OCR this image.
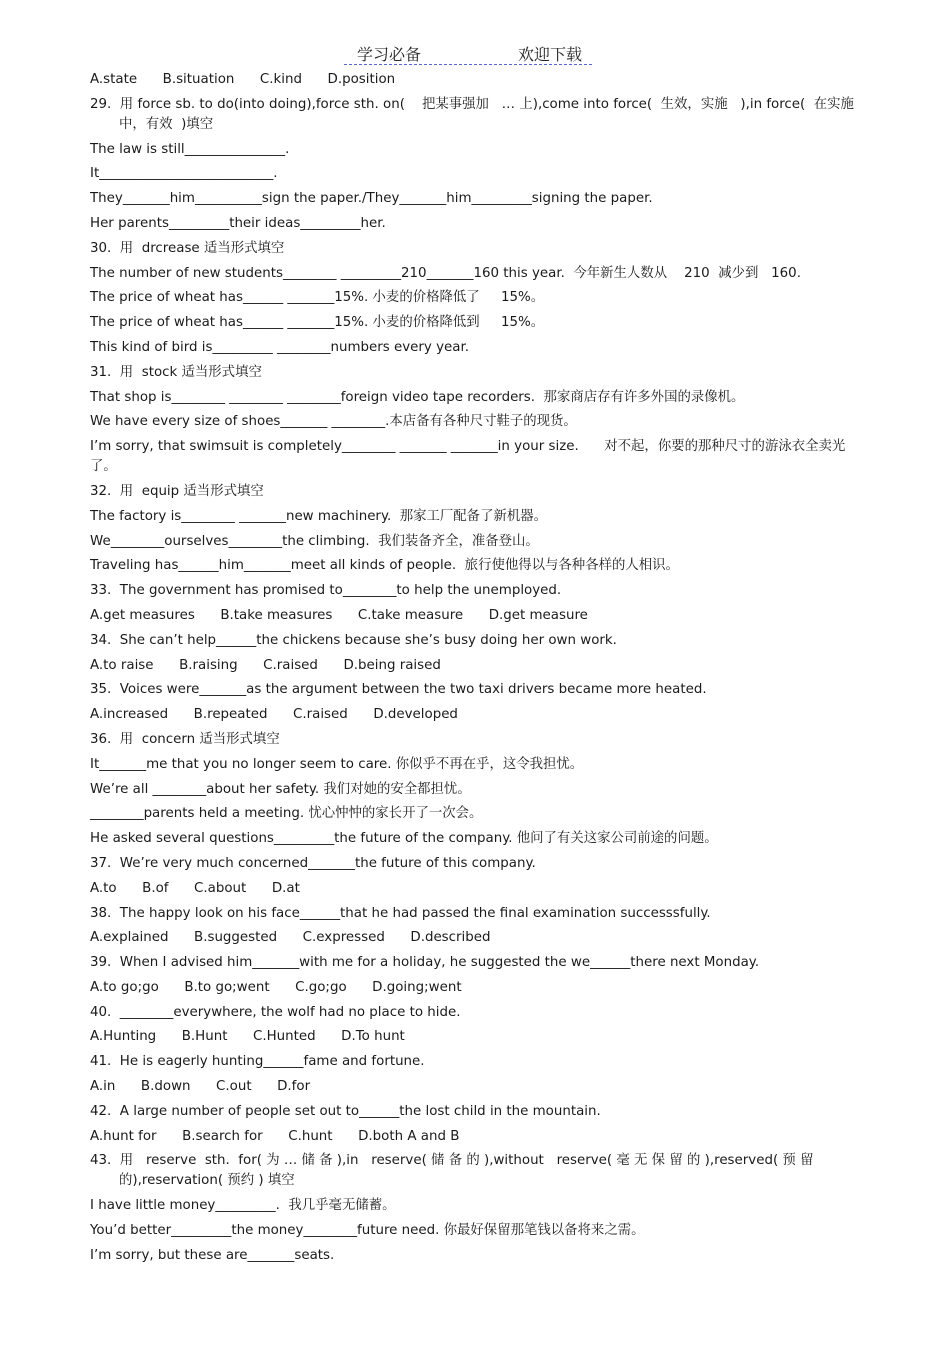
学习必备	欢迎下载
A.state      B.situation      C.kind      D.position
29.  用 force sb. to do(into doing),force sth. on(    把某事强加   … 上),come into force(  生效，实施   ),in force(  在实施中，有效  )填空
The law is still_______________.
It__________________________.
They_______him__________sign the paper./They_______him_________signing the paper.
Her parents_________their ideas_________her.
30.  用  drcrease 适当形式填空
The number of new students________ _________210_______160 this year.  今年新生人数从    210  减少到   160.
The price of wheat has______ _______15%. 小麦的价格降低了     15%。
The price of wheat has______ _______15%. 小麦的价格降低到     15%。
This kind of bird is_________ ________numbers every year.
31.  用  stock 适当形式填空
That shop is________ ________ ________foreign video tape recorders.  那家商店存有许多外国的录像机。
We have every size of shoes_______ ________.本店备有各种尺寸鞋子的现货。
I’m sorry, that swimsuit is completely________ _______ _______in your size.      对不起，你要的那种尺寸的游泳衣全卖光了。
32.  用  equip 适当形式填空
The factory is________ _______new machinery.  那家工厂配备了新机器。
We________ourselves________the climbing.  我们装备齐全，准备登山。
Traveling has______him_______meet all kinds of people.  旅行使他得以与各种各样的人相识。
33.  The government has promised to________to help the unemployed.
A.get measures      B.take measures      C.take measure      D.get measure
34.  She can’t help______the chickens because she’s busy doing her own work.
A.to raise      B.raising      C.raised      D.being raised
35.  Voices were_______as the argument between the two taxi drivers became more heated.
A.increased      B.repeated      C.raised      D.developed
36.  用  concern 适当形式填空
It_______me that you no longer seem to care. 你似乎不再在乎，这令我担忧。
We’re all ________about her safety. 我们对她的安全都担忧。
________parents held a meeting. 忧心忡忡的家长开了一次会。
He asked several questions_________the future of the company. 他问了有关这家公司前途的问题。
37.  We’re very much concerned_______the future of this company.
A.to      B.of      C.about      D.at
38.  The happy look on his face______that he had passed the final examination successsfully.
A.explained      B.suggested      C.expressed      D.described
39.  When I advised him_______with me for a holiday, he suggested the we______there next Monday.
A.to go;go      B.to go;went      C.go;go      D.going;went
40.  ________everywhere, the wolf had no place to hide.
A.Hunting      B.Hunt      C.Hunted      D.To hunt
41.  He is eagerly hunting______fame and fortune.
A.in      B.down      C.out      D.for
42.  A large number of people set out to______the lost child in the mountain.
A.hunt for      B.search for      C.hunt      D.both A and B
43.  用   reserve  sth.  for( 为 … 储 备 ),in   reserve( 储 备 的 ),without   reserve( 毫 无 保 留 的 ),reserved( 预 留 的),reservation( 预约 ) 填空
I have little money_________.  我几乎毫无储蓄。
You’d better_________the money________future need. 你最好保留那笔钱以备将来之需。
I’m sorry, but these are_______seats.
